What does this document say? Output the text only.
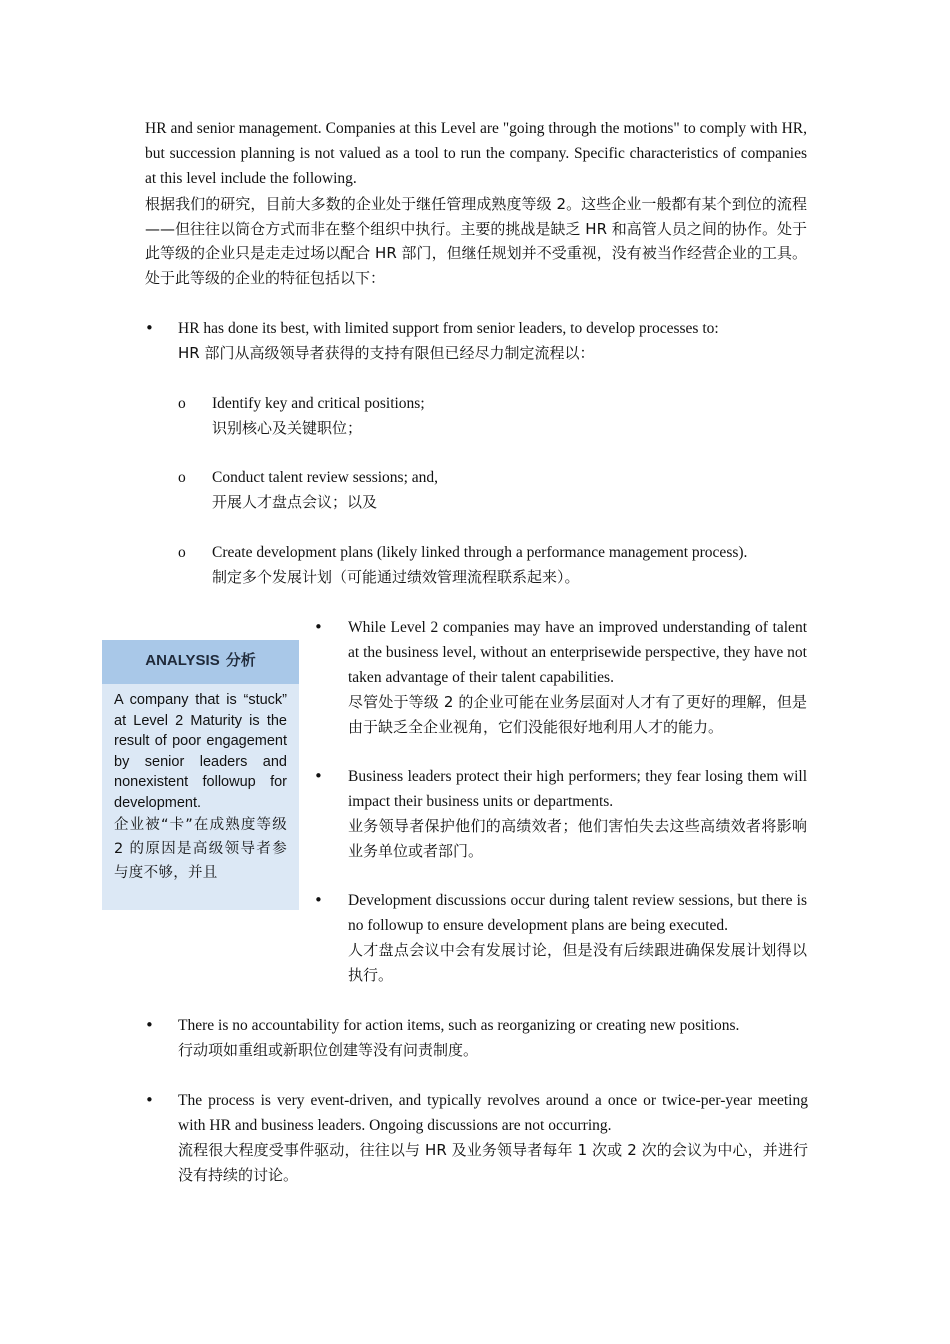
HR and senior management. Companies at this Level are "going through the motions" to comply with HR, but succession planning is not valued as a tool to run the company. Specific characteristics of companies at this level include the following.
根据我们的研究，目前大多数的企业处于继任管理成熟度等级 2。这些企业一般都有某个到位的流程——但往往以筒仓方式而非在整个组织中执行。主要的挑战是缺乏 HR 和高管人员之间的协作。处于此等级的企业只是走走过场以配合 HR 部门，但继任规划并不受重视，没有被当作经营企业的工具。处于此等级的企业的特征包括以下：
• HR has done its best, with limited support from senior leaders, to develop processes to:
HR 部门从高级领导者获得的支持有限但已经尽力制定流程以：
o Identify key and critical positions;
识别核心及关键职位；
o Conduct talent review sessions; and,
开展人才盘点会议；以及
o Create development plans (likely linked through a performance management process).
制定多个发展计划（可能通过绩效管理流程联系起来）。
ANALYSIS 分析
A company that is “stuck” at Level 2 Maturity is the result of poor engagement by senior leaders and nonexistent followup for development.
企业被“卡”在成熟度等级 2 的原因是高级领导者参与度不够，并且
• While Level 2 companies may have an improved understanding of talent at the business level, without an enterprisewide perspective, they have not taken advantage of their talent capabilities.
尽管处于等级 2 的企业可能在业务层面对人才有了更好的理解，但是由于缺乏全企业视角，它们没能很好地利用人才的能力。
• Business leaders protect their high performers; they fear losing them will impact their business units or departments.
业务领导者保护他们的高绩效者；他们害怕失去这些高绩效者将影响业务单位或者部门。
• Development discussions occur during talent review sessions, but there is no followup to ensure development plans are being executed.
人才盘点会议中会有发展讨论，但是没有后续跟进确保发展计划得以执行。
• There is no accountability for action items, such as reorganizing or creating new positions.
行动项如重组或新职位创建等没有问责制度。
• The process is very event-driven, and typically revolves around a once or twice-per-year meeting with HR and business leaders. Ongoing discussions are not occurring.
流程很大程度受事件驱动，往往以与 HR 及业务领导者每年 1 次或 2 次的会议为中心，并进行没有持续的讨论。
